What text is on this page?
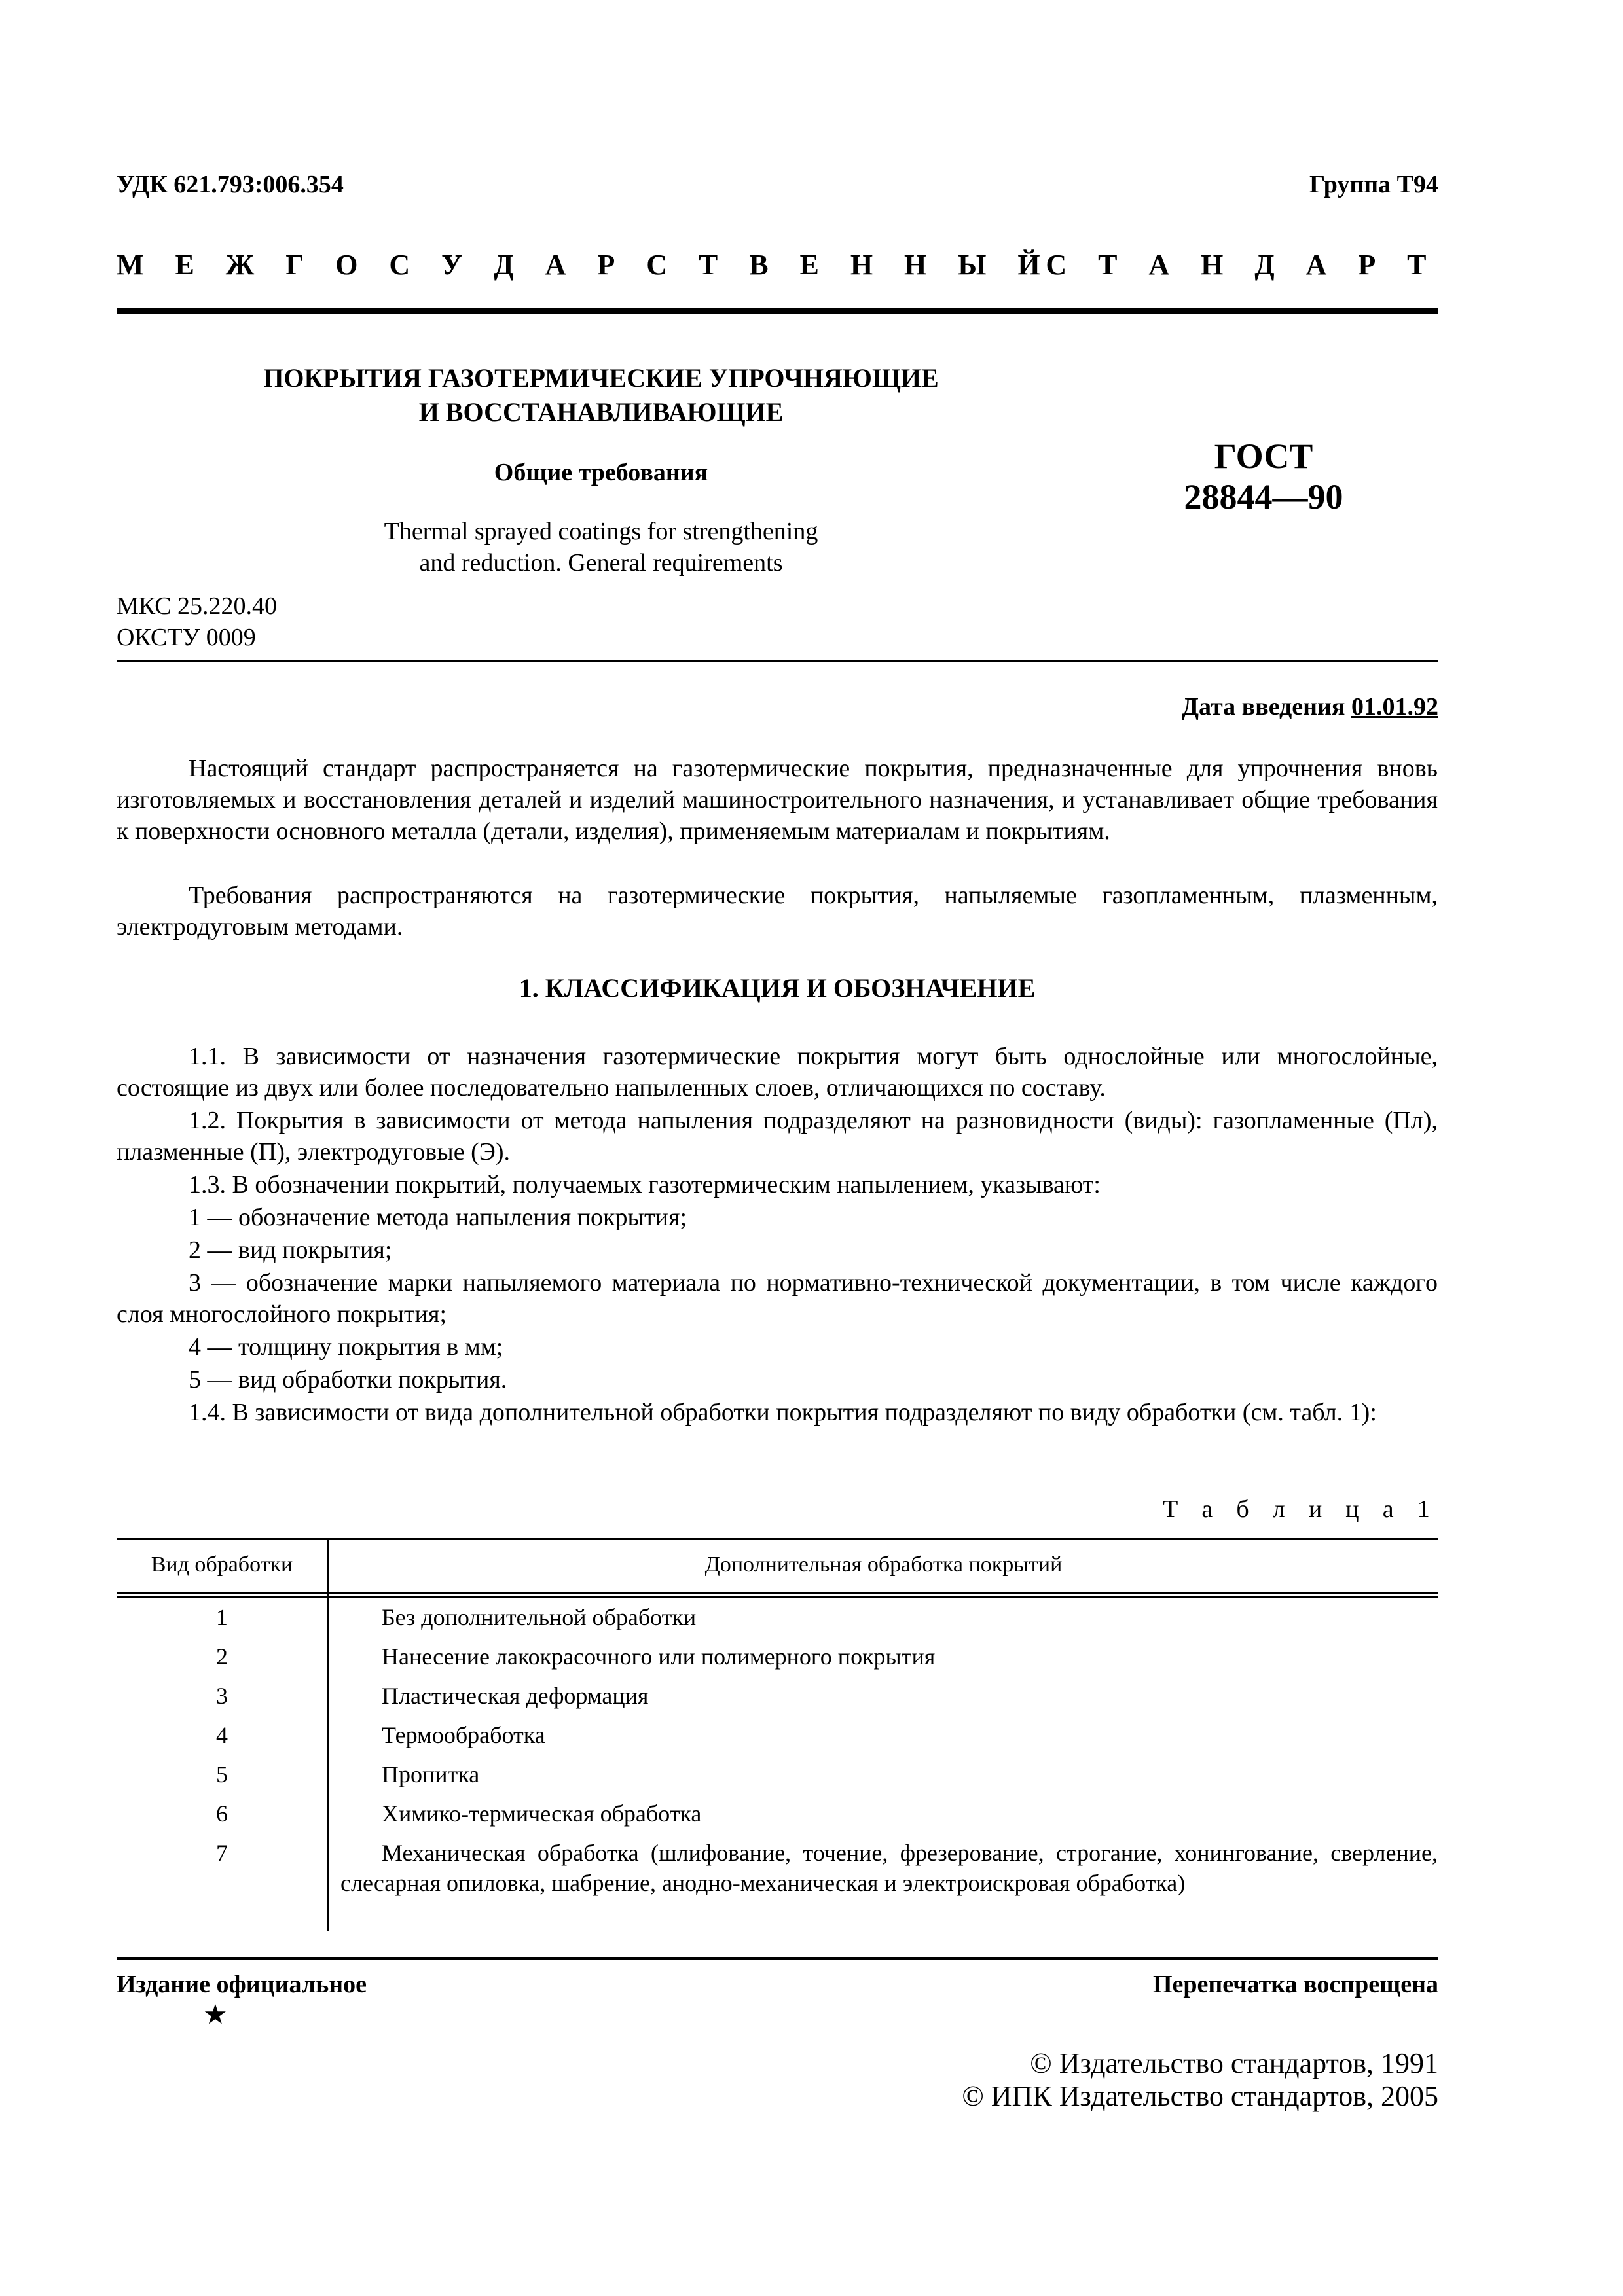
УДК 621.793:006.354	Группа Т94
М Е Ж Г О С У Д А Р С Т В Е Н Н Ы Й
С Т А Н Д А Р Т
ПОКРЫТИЯ ГАЗОТЕРМИЧЕСКИЕ УПРОЧНЯЮЩИЕ
И ВОССТАНАВЛИВАЮЩИЕ
Общие требования
Thermal sprayed coatings for strengthening
and reduction. General requirements
ГОСТ
28844—90
МКС 25.220.40
ОКСТУ 0009
Дата введения 01.01.92
Настоящий стандарт распространяется на газотермические покрытия, предназначенные для упрочнения вновь изготовляемых и восстановления деталей и изделий машиностроительного назначения, и устанавливает общие требования к поверхности основного металла (детали, изделия), применяемым материалам и покрытиям.
Требования распространяются на газотермические покрытия, напыляемые газопламенным, плазменным, электродуговым методами.
1. КЛАССИФИКАЦИЯ И ОБОЗНАЧЕНИЕ
1.1. В зависимости от назначения газотермические покрытия могут быть однослойные или многослойные, состоящие из двух или более последовательно напыленных слоев, отличающихся по составу.
1.2. Покрытия в зависимости от метода напыления подразделяют на разновидности (виды): газопламенные (Пл), плазменные (П), электродуговые (Э).
1.3. В обозначении покрытий, получаемых газотермическим напылением, указывают:
1 — обозначение метода напыления покрытия;
2 — вид покрытия;
3 — обозначение марки напыляемого материала по нормативно-технической документации, в том числе каждого слоя многослойного покрытия;
4 — толщину покрытия в мм;
5 — вид обработки покрытия.
1.4. В зависимости от вида дополнительной обработки покрытия подразделяют по виду обработки (см. табл. 1):
Т а б л и ц а 1
Вид обработки	Дополнительная обработка покрытий
1	Без дополнительной обработки
2	Нанесение лакокрасочного или полимерного покрытия
3	Пластическая деформация
4	Термообработка
5	Пропитка
6	Химико-термическая обработка
7	Механическая обработка (шлифование, точение, фрезерование, строгание, хонингование, сверление, слесарная опиловка, шабрение, анодно-механическая и электроискровая обработка)
Издание официальное
★
Перепечатка воспрещена
© Издательство стандартов, 1991
© ИПК Издательство стандартов, 2005
